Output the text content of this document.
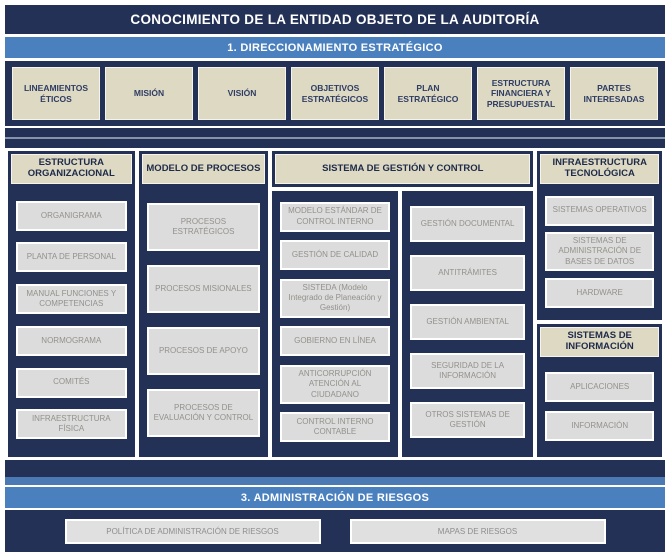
CONOCIMIENTO DE LA ENTIDAD OBJETO DE LA AUDITORÍA
1. DIRECCIONAMIENTO ESTRATÉGICO
LINEAMIENTOS ÉTICOS
MISIÓN	VISIÓN
OBJETIVOS ESTRATÉGICOS
PLAN ESTRATÉGICO
ESTRUCTURA FINANCIERA Y PRESUPUESTAL
PARTES INTERESADAS
ESTRUCTURA ORGANIZACIONAL
ORGANIGRAMA
PLANTA DE PERSONAL
MANUAL FUNCIONES Y COMPETENCIAS
NORMOGRAMA
COMITÉS
INFRAESTRUCTURA FÍSICA
MODELO DE PROCESOS
PROCESOS ESTRATÉGICOS
PROCESOS MISIONALES
PROCESOS DE APOYO
PROCESOS DE EVALUACIÓN Y CONTROL
SISTEMA DE GESTIÓN Y CONTROL
MODELO ESTÁNDAR DE CONTROL INTERNO
GESTIÓN DE CALIDAD
SISTEDA (Modelo Integrado de Planeación y Gestión)
GOBIERNO EN LÍNEA
ANTICORRUPCIÓN ATENCIÓN AL CIUDADANO
CONTROL INTERNO CONTABLE
GESTIÓN DOCUMENTAL
ANTITRÁMITES
GESTIÓN AMBIENTAL
SEGURIDAD DE LA INFORMACIÓN
OTROS SISTEMAS DE GESTIÓN
INFRAESTRUCTURA TECNOLÓGICA
SISTEMAS OPERATIVOS
SISTEMAS DE ADMINISTRACIÓN DE BASES DE DATOS
HARDWARE
SISTEMAS DE INFORMACIÓN
APLICACIONES
INFORMACIÓN
3. ADMINISTRACIÓN DE RIESGOS
POLÍTICA DE ADMINISTRACIÓN DE RIESGOS	MAPAS DE RIESGOS
